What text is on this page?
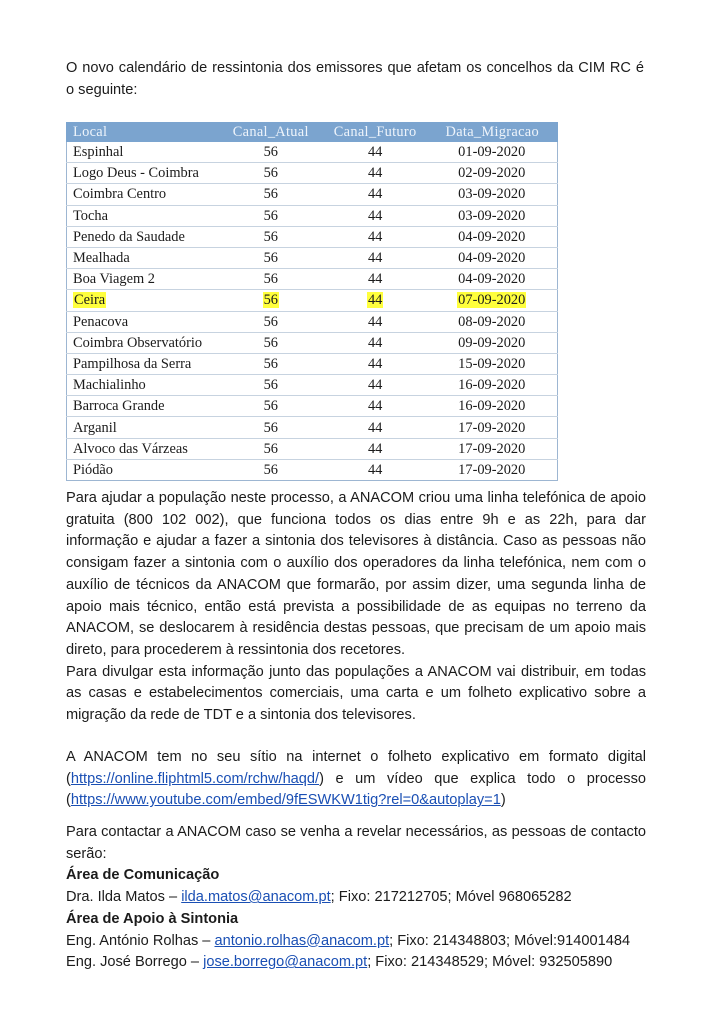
O novo calendário de ressintonia dos emissores que afetam os concelhos da CIM RC é o seguinte:
Local	Canal_Atual	Canal_Futuro	Data_Migracao
Espinhal	56	44	01-09-2020
Logo Deus - Coimbra	56	44	02-09-2020
Coimbra Centro	56	44	03-09-2020
Tocha	56	44	03-09-2020
Penedo da Saudade	56	44	04-09-2020
Mealhada	56	44	04-09-2020
Boa Viagem 2	56	44	04-09-2020
Ceira	56	44	07-09-2020
Penacova	56	44	08-09-2020
Coimbra Observatório	56	44	09-09-2020
Pampilhosa da Serra	56	44	15-09-2020
Machialinho	56	44	16-09-2020
Barroca Grande	56	44	16-09-2020
Arganil	56	44	17-09-2020
Alvoco das Várzeas	56	44	17-09-2020
Piódão	56	44	17-09-2020

Para ajudar a população neste processo, a ANACOM criou uma linha telefónica de apoio gratuita (800 102 002), que funciona todos os dias entre 9h e as 22h, para dar informação e ajudar a fazer a sintonia dos televisores à distância. Caso as pessoas não consigam fazer a sintonia com o auxílio dos operadores da linha telefónica, nem com o auxílio de técnicos da ANACOM que formarão, por assim dizer, uma segunda linha de apoio mais técnico, então está prevista a possibilidade de as equipas no terreno da ANACOM, se deslocarem à residência destas pessoas, que precisam de um apoio mais direto, para procederem à ressintonia dos recetores.

Para divulgar esta informação junto das populações a ANACOM vai distribuir, em todas as casas e estabelecimentos comerciais, uma carta e um folheto explicativo sobre a migração da rede de TDT e a sintonia dos televisores.

A ANACOM tem no seu sítio na internet o folheto explicativo em formato digital

(https://online.fliphtml5.com/rchw/haqd/) e um vídeo que explica todo o processo

(https://www.youtube.com/embed/9fESWKW1tig?rel=0&autoplay=1)

Para contactar a ANACOM caso se venha a revelar necessários, as pessoas de contacto serão:

Área de Comunicação

Dra. Ilda Matos – ilda.matos@anacom.pt; Fixo: 217212705; Móvel 968065282

Área de Apoio à Sintonia

Eng. António Rolhas – antonio.rolhas@anacom.pt; Fixo: 214348803; Móvel:914001484

Eng. José Borrego – jose.borrego@anacom.pt; Fixo: 214348529; Móvel: 932505890
